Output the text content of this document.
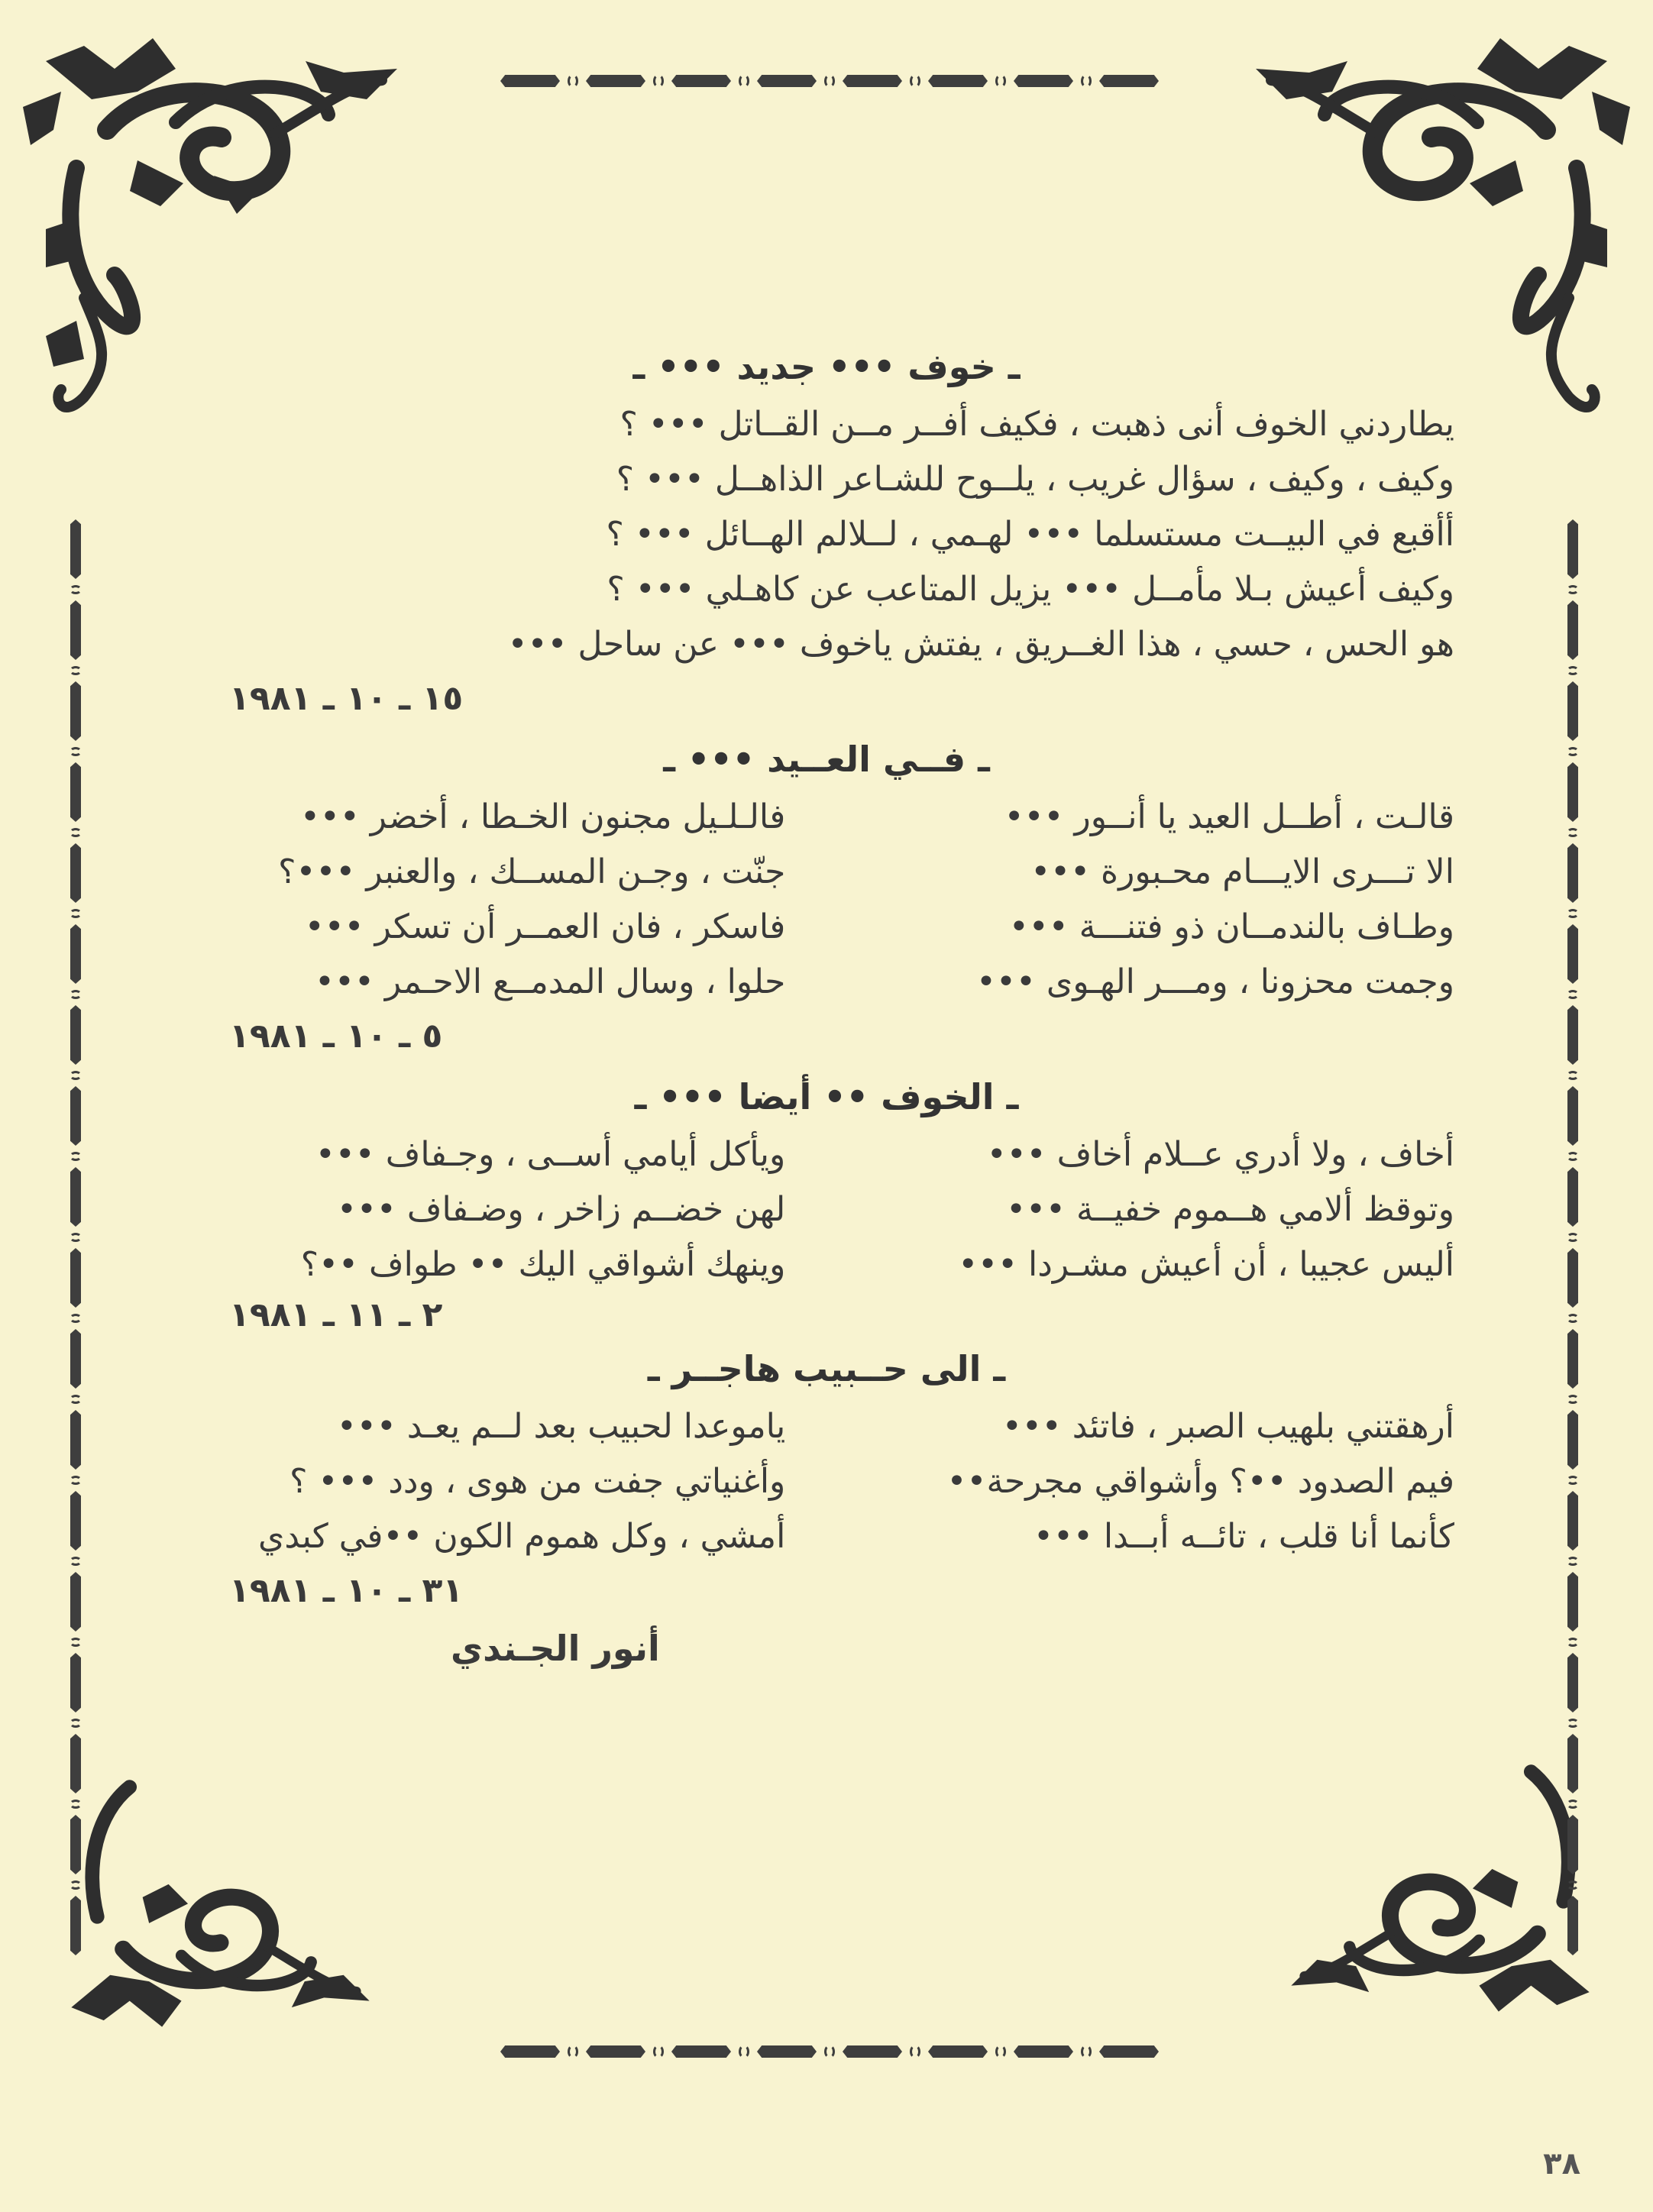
ـ خوف ••• جديد ••• ـ
يطاردني الخوف أنى ذهبت ، فكيف أفــر مــن القــاتل ••• ؟
وكيف ، وكيف ، سؤال غريب ، يلــوح للشـاعر الذاهــل ••• ؟
أأقبع في البيــت مستسلما ••• لهـمي ، لــلالم الهــائل ••• ؟
وكيف أعيش بـلا مأمــل ••• يزيل المتاعب عن كاهـلي ••• ؟
هو الحس ، حسي ، هذا الغــريق ، يفتش ياخوف ••• عن ساحل •••
١٥ ـ ١٠ ـ ١٩٨١
ـ فــي العــيد ••• ـ
قالـت ، أطــل العيد يا أنــور •••
فالـلـيل مجنون الخـطا ، أخضر •••
الا تـــرى الايـــام محـبورة •••
جنّت ، وجـن المســك ، والعنبر •••؟
وطـاف بالندمــان ذو فتنـــة •••
فاسكر ، فان العمــر أن تسكر •••
وجمت محزونا ، ومـــر الهـوى •••
حلوا ، وسال المدمــع الاحـمر •••
٥ ـ ١٠ ـ ١٩٨١
ـ الخوف •• أيضا ••• ـ
أخاف ، ولا أدري عــلام أخاف •••
ويأكل أيامي أســى ، وجـفاف •••
وتوقظ ألامي هــموم خفيــة •••
لهن خضــم زاخر ، وضـفاف •••
أليس عجيبا ، أن أعيش مشـردا •••
وينهك أشواقي اليك •• طواف ••؟
٢ ـ ١١ ـ ١٩٨١
ـ الى حــبيب هاجــر ـ
أرهقتني بلهيب الصبر ، فاتئد •••
ياموعدا لحبيب بعد لــم يعـد •••
فيم الصدود ••؟ وأشواقي مجرحة••
وأغنياتي جفت من هوى ، ودد ••• ؟
كأنما أنا قلب ، تائــه أبــدا •••
أمشي ، وكل هموم الكون ••في كبدي
٣١ ـ ١٠ ـ ١٩٨١
أنور الجـندي
٣٨
